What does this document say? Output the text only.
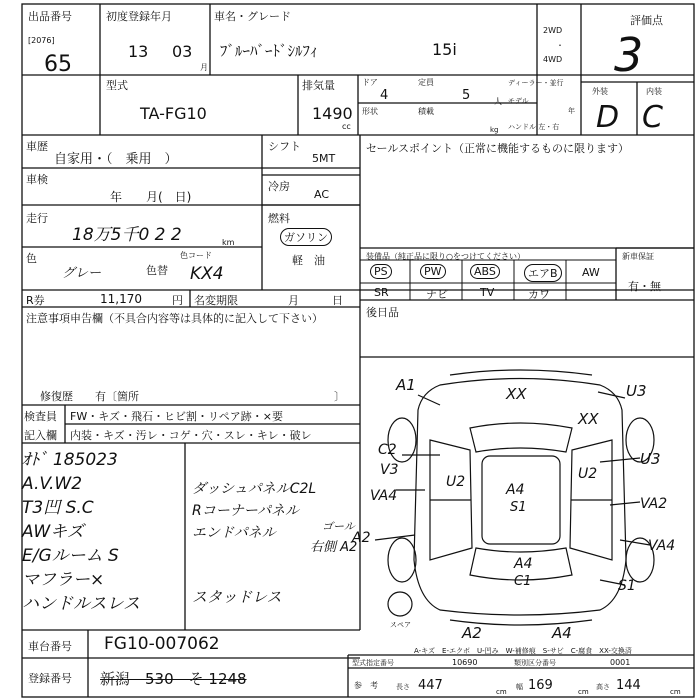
出品番号
[2076]
65
初度登録年月
13 03
月
車名・グレード
ﾌﾞﾙｰﾊﾞｰﾄﾞｼﾙﾌｨ	15i
2WD
・
4WD
評価点
3
型式
TA-FG10
排気量
1490
cc
ドア
4
定員
5	人
形状	積載
kg
ディーラー・並行
モデル
年
ハンドル 左・右
外装	内装
D C
車歴
自家用・（　乗用　）
車検
年　　月(　日)
走行
18万5千0 2 2	km
色
グレー	色替
色コード
KX4
シフト
5MT
冷房
AC
燃料
ガソリン
軽　油
R券	11,170	円 名変期限	月　　　日
セールスポイント（正常に機能するものに限ります）
装備品（純正品に限り○をつけてください）	新車保証
有・無
PS	PW	ABS	エアB	AW
SR	ナビ	TV	カワ
後日品
注意事項申告欄（不具合内容等は具体的に記入して下さい）
修復歴　　有〔箇所	〕
検査員
記入欄
FW・キズ・飛石・ヒビ割・リペア跡・×要
内装・キズ・汚レ・コゲ・穴・スレ・キレ・破レ
ｵﾄﾞ 185023
A.V.W2
T3凹 S.C
AWキズ
E/Gルーム S
マフラー×
ハンドルスレス
ダッシュパネルC2L
Rコーナーパネル
エンドパネル	ゴール
右側 A2
スタッドレス
A1	XX	U3
XX
C2
V3
U2	U2
U3
VA4	A4
S1	VA2
A2	VA4
A4
C1	S1
A2	A4
スペア
車台番号 FG10-007062
登録番号 新潟　530　そ 1248
A-キズ　E-エクボ　U-凹み　W-補修痕　S-サビ　C-腐食　XX-交換済
型式指定番号	10690	類別区分番号	0001
参　考	長さ 447	cm
幅 169	cm
高さ 144	cm
